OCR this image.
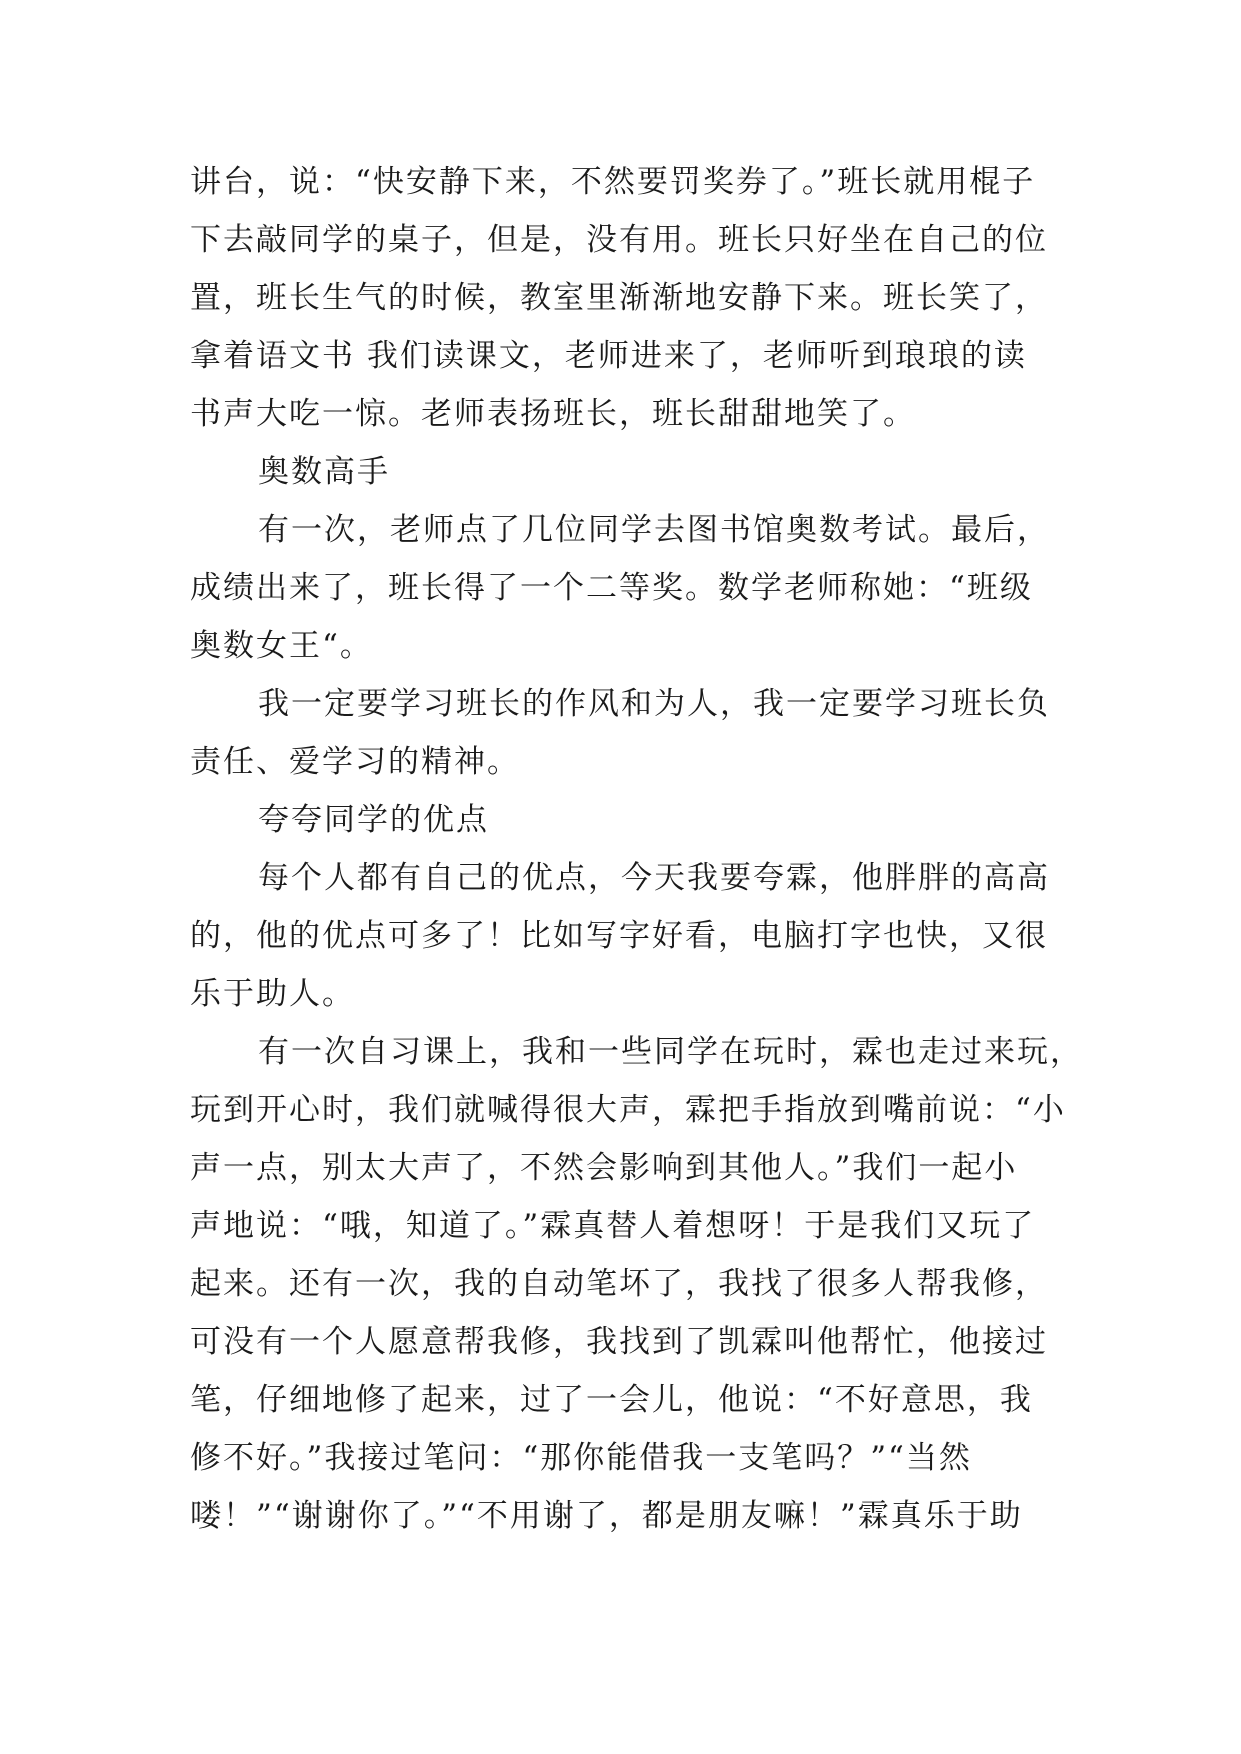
讲台，说：“快安静下来，不然要罚奖券了。”班长就用棍子
下去敲同学的桌子，但是，没有用。班长只好坐在自己的位
置，班长生气的时候，教室里渐渐地安静下来。班长笑了，
拿着语文书 我们读课文，老师进来了，老师听到琅琅的读
书声大吃一惊。老师表扬班长，班长甜甜地笑了。
奥数高手
有一次，老师点了几位同学去图书馆奥数考试。最后，
成绩出来了，班长得了一个二等奖。数学老师称她：“班级
奥数女王“。
我一定要学习班长的作风和为人，我一定要学习班长负
责任、爱学习的精神。
夸夸同学的优点
每个人都有自己的优点，今天我要夸霖，他胖胖的高高
的，他的优点可多了！比如写字好看，电脑打字也快，又很
乐于助人。
有一次自习课上，我和一些同学在玩时，霖也走过来玩，
玩到开心时，我们就喊得很大声，霖把手指放到嘴前说：“小
声一点，别太大声了，不然会影响到其他人。”我们一起小
声地说：“哦，知道了。”霖真替人着想呀！于是我们又玩了
起来。还有一次，我的自动笔坏了，我找了很多人帮我修，
可没有一个人愿意帮我修，我找到了凯霖叫他帮忙，他接过
笔，仔细地修了起来，过了一会儿，他说：“不好意思，我
修不好。”我接过笔问：“那你能借我一支笔吗？”“当然
喽！”“谢谢你了。”“不用谢了，都是朋友嘛！”霖真乐于助
